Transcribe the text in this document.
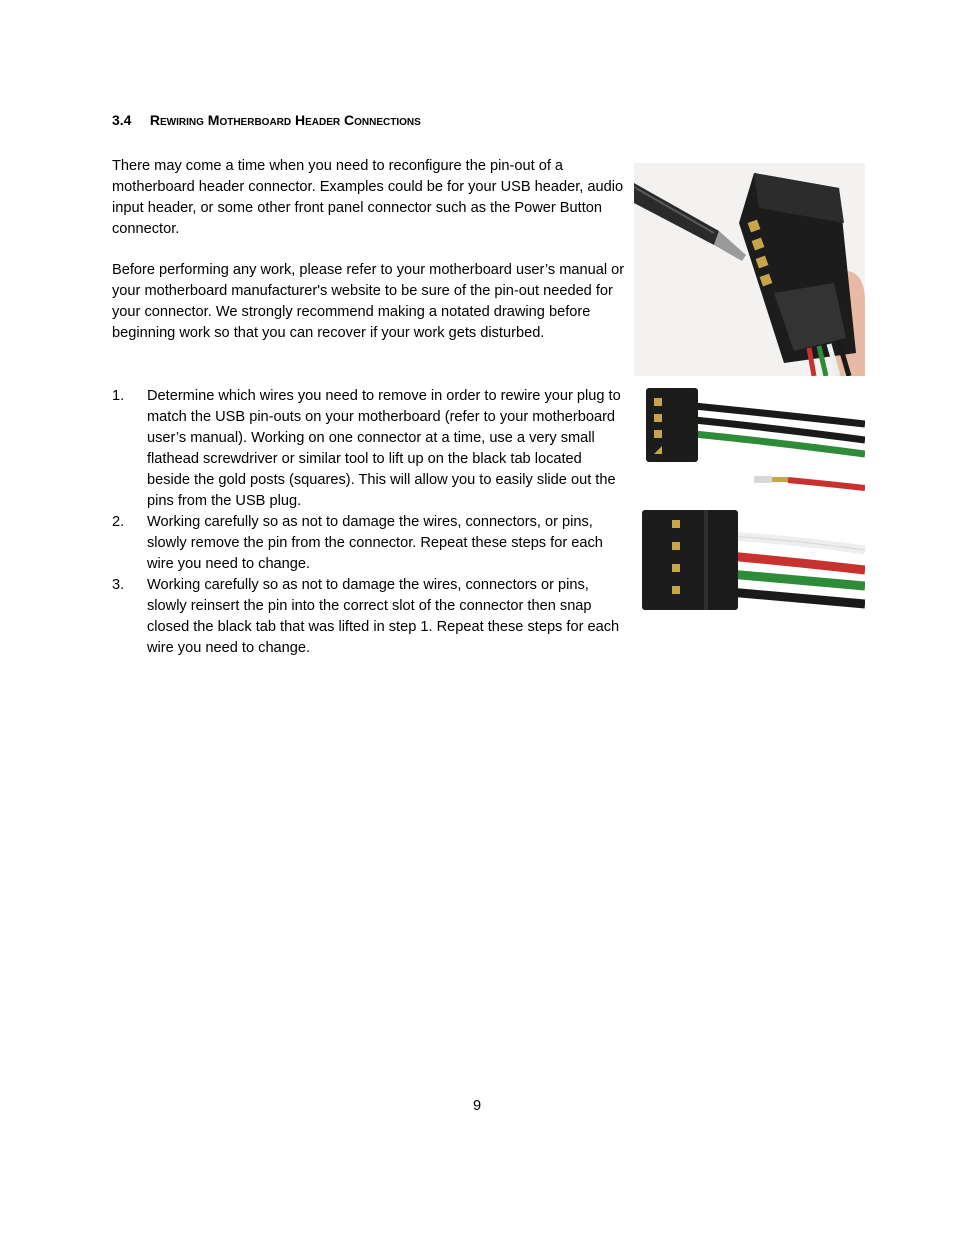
3.4 Rewiring Motherboard Header Connections

There may come a time when you need to reconfigure the pin-out of a motherboard header connector. Examples could be for your USB header, audio input header, or some other front panel connector such as the Power Button connector.

Before performing any work, please refer to your motherboard user’s manual or your motherboard manufacturer's website to be sure of the pin-out needed for your connector. We strongly recommend making a notated drawing before beginning work so that you can recover if your work gets disturbed.

1. Determine which wires you need to remove in order to rewire your plug to match the USB pin-outs on your motherboard (refer to your motherboard user’s manual). Working on one connector at a time, use a very small flathead screwdriver or similar tool to lift up on the black tab located beside the gold posts (squares). This will allow you to easily slide out the pins from the USB plug.
2. Working carefully so as not to damage the wires, connectors, or pins, slowly remove the pin from the connector. Repeat these steps for each wire you need to change.
3. Working carefully so as not to damage the wires, connectors or pins, slowly reinsert the pin into the correct slot of the connector then snap closed the black tab that was lifted in step 1. Repeat these steps for each wire you need to change.
9
